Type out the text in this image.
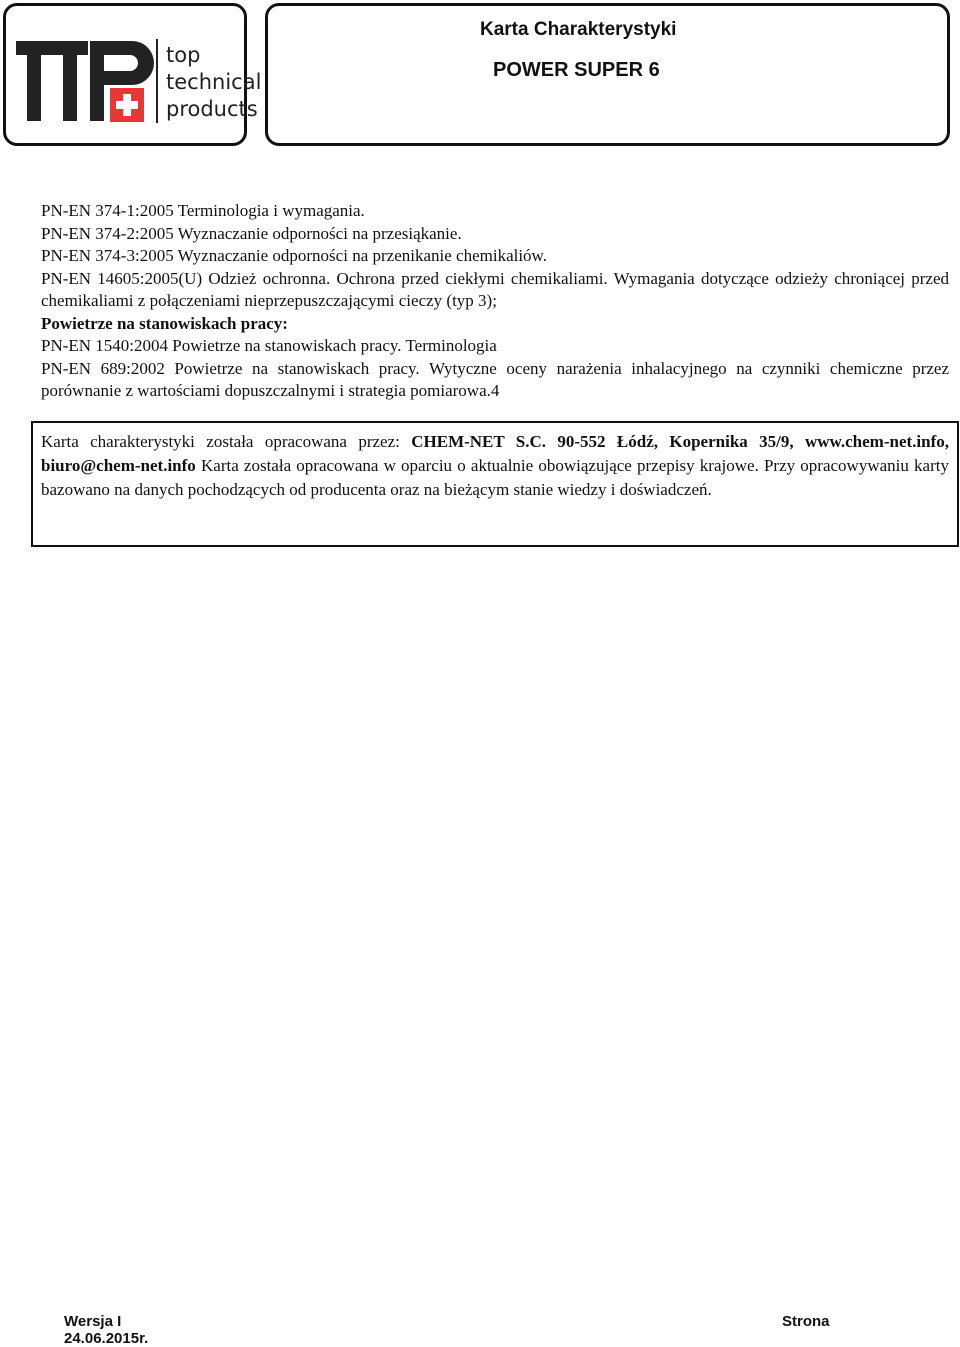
top
technical
products
Karta Charakterystyki
POWER SUPER 6

PN-EN 374-1:2005 Terminologia i wymagania.

PN-EN 374-2:2005 Wyznaczanie odporności na przesiąkanie.

PN-EN 374-3:2005 Wyznaczanie odporności na przenikanie chemikaliów.

PN-EN 14605:2005(U) Odzież ochronna. Ochrona przed ciekłymi chemikaliami. Wymagania dotyczące odzieży chroniącej przed chemikaliami z połączeniami nieprzepuszczającymi cieczy (typ 3);

Powietrze na stanowiskach pracy:

PN-EN 1540:2004 Powietrze na stanowiskach pracy. Terminologia

PN-EN 689:2002 Powietrze na stanowiskach pracy. Wytyczne oceny narażenia inhalacyjnego na czynniki chemiczne przez porównanie z wartościami dopuszczalnymi i strategia pomiarowa.4

Karta charakterystyki została opracowana przez: CHEM-NET S.C. 90-552 Łódź, Kopernika 35/9, www.chem-net.info, biuro@chem-net.info Karta została opracowana w oparciu o aktualnie obowiązujące przepisy krajowe. Przy opracowywaniu karty bazowano na danych pochodzących od producenta oraz na bieżącym stanie wiedzy i doświadczeń.
Wersja I
24.06.2015r.
Strona
